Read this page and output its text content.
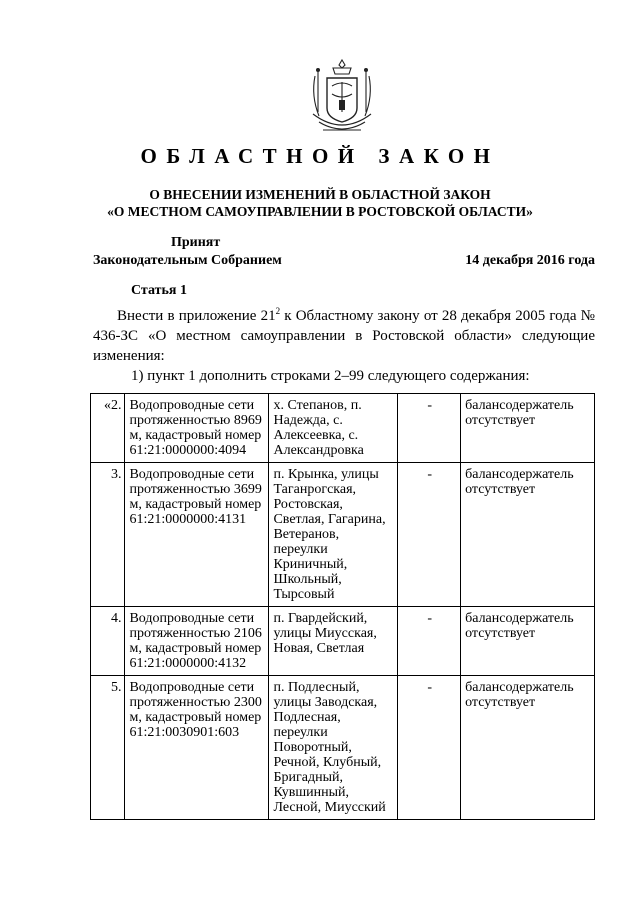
ОБЛАСТНОЙ ЗАКОН
О ВНЕСЕНИИ ИЗМЕНЕНИЙ В ОБЛАСТНОЙ ЗАКОН
«О МЕСТНОМ САМОУПРАВЛЕНИИ В РОСТОВСКОЙ ОБЛАСТИ»
Принят
Законодательным Собранием	14 декабря 2016 года
Статья 1
Внести в приложение $21^2$ к Областному закону от 28 декабря 2005 года № 436-ЗС «О местном самоуправлении в Ростовской области» следующие изменения:
1) пункт 1 дополнить строками 2–99 следующего содержания:
«2.	Водопроводные сети протяженностью 8969 м, кадастровый номер 61:21:0000000:4094	х. Степанов, п. Надежда, с. Алексеевка, с. Александровка	-	балансодержатель отсутствует
3.	Водопроводные сети протяженностью 3699 м, кадастровый номер 61:21:0000000:4131	п. Крынка, улицы Таганрогская, Ростовская, Светлая, Гагарина, Ветеранов, переулки Криничный, Школьный, Тырсовый	-	балансодержатель отсутствует
4.	Водопроводные сети протяженностью 2106 м, кадастровый номер 61:21:0000000:4132	п. Гвардейский, улицы Миусская, Новая, Светлая	-	балансодержатель отсутствует
5.	Водопроводные сети протяженностью 2300 м, кадастровый номер 61:21:0030901:603	п. Подлесный, улицы Заводская, Подлесная, переулки Поворотный, Речной, Клубный, Бригадный, Кувшинный, Лесной, Миусский	-	балансодержатель отсутствует
